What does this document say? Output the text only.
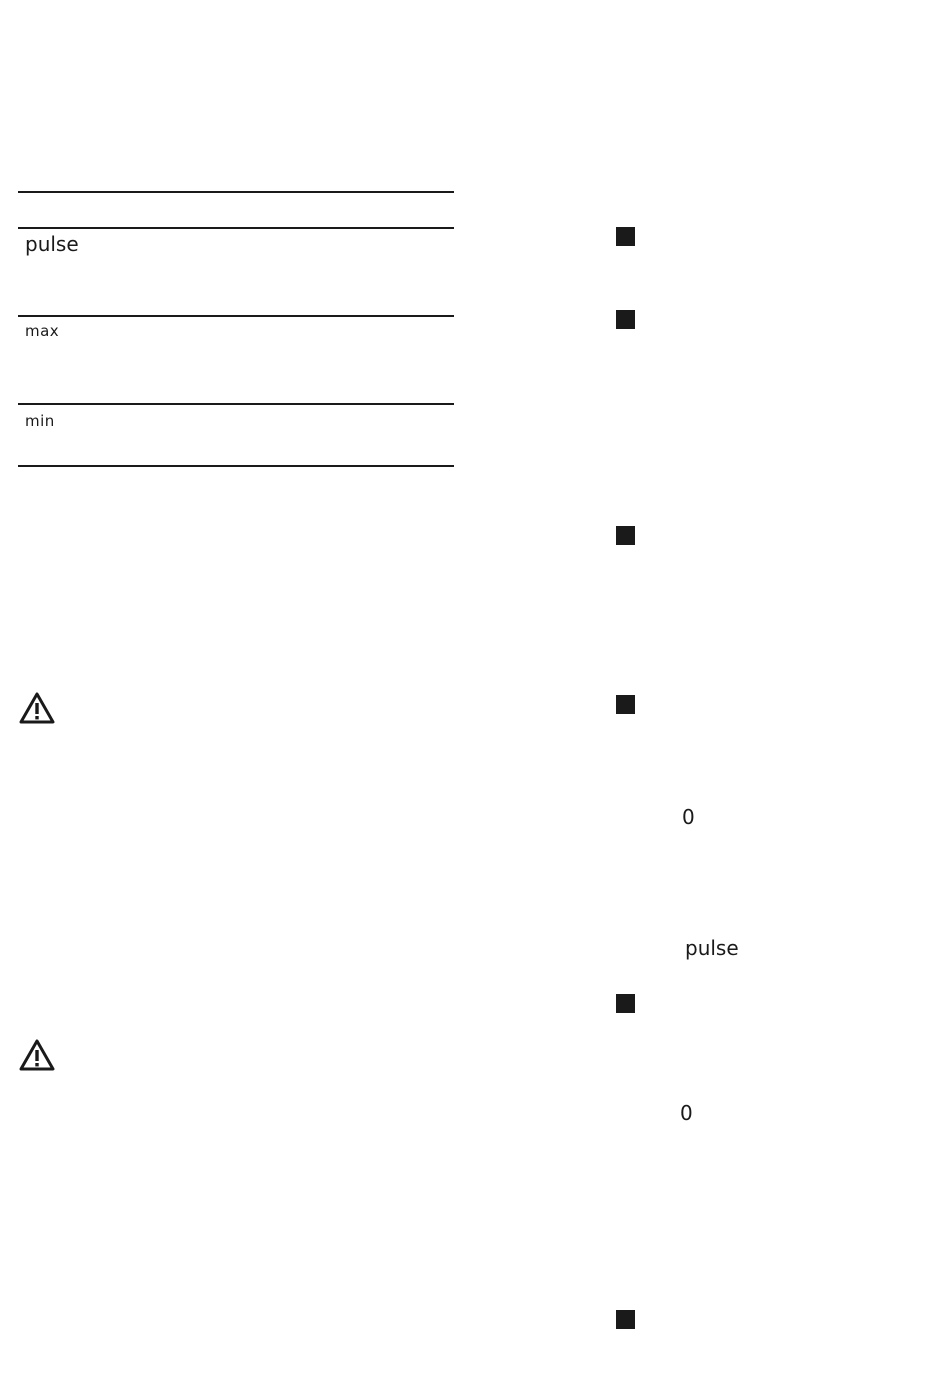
pulse
max
min
0
pulse
0
